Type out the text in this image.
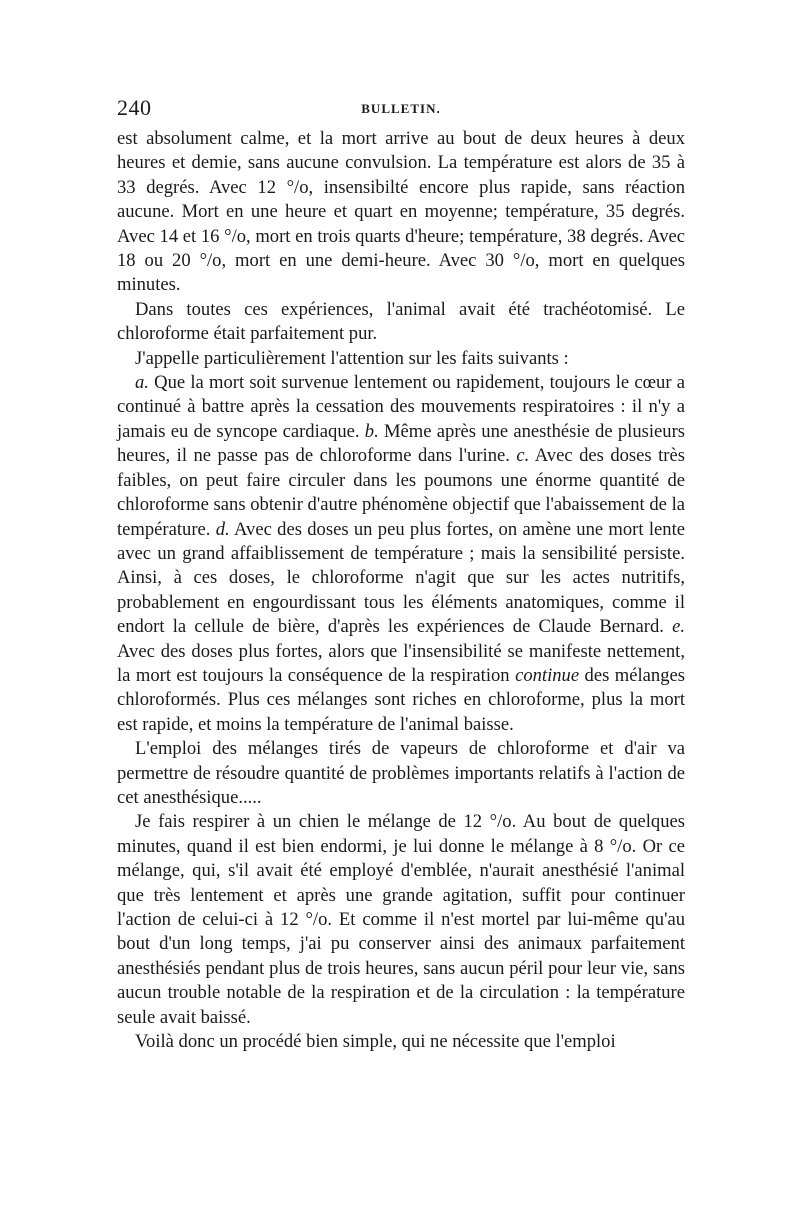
240	BULLETIN.

est absolument calme, et la mort arrive au bout de deux heures à deux heures et demie, sans aucune convulsion. La température est alors de 35 à 33 degrés. Avec 12 °/o, insensibilté encore plus rapide, sans réaction aucune. Mort en une heure et quart en moyenne; température, 35 degrés. Avec 14 et 16 °/o, mort en trois quarts d'heure; température, 38 degrés. Avec 18 ou 20 °/o, mort en une demi-heure. Avec 30 °/o, mort en quelques minutes.

Dans toutes ces expériences, l'animal avait été trachéotomisé. Le chloroforme était parfaitement pur.

J'appelle particulièrement l'attention sur les faits suivants :

a. Que la mort soit survenue lentement ou rapidement, toujours le cœur a continué à battre après la cessation des mouvements respiratoires : il n'y a jamais eu de syncope cardiaque. b. Même après une anesthésie de plusieurs heures, il ne passe pas de chloroforme dans l'urine. c. Avec des doses très faibles, on peut faire circuler dans les poumons une énorme quantité de chloroforme sans obtenir d'autre phénomène objectif que l'abaissement de la température. d. Avec des doses un peu plus fortes, on amène une mort lente avec un grand affaiblissement de température ; mais la sensibilité persiste. Ainsi, à ces doses, le chloroforme n'agit que sur les actes nutritifs, probablement en engourdissant tous les éléments anatomiques, comme il endort la cellule de bière, d'après les expériences de Claude Bernard. e. Avec des doses plus fortes, alors que l'insensibilité se manifeste nettement, la mort est toujours la conséquence de la respiration continue des mélanges chloroformés. Plus ces mélanges sont riches en chloroforme, plus la mort est rapide, et moins la température de l'animal baisse.

L'emploi des mélanges tirés de vapeurs de chloroforme et d'air va permettre de résoudre quantité de problèmes importants relatifs à l'action de cet anesthésique.....

Je fais respirer à un chien le mélange de 12 °/o. Au bout de quelques minutes, quand il est bien endormi, je lui donne le mélange à 8 °/o. Or ce mélange, qui, s'il avait été employé d'emblée, n'aurait anesthésié l'animal que très lentement et après une grande agitation, suffit pour continuer l'action de celui-ci à 12 °/o. Et comme il n'est mortel par lui-même qu'au bout d'un long temps, j'ai pu conserver ainsi des animaux parfaitement anesthésiés pendant plus de trois heures, sans aucun péril pour leur vie, sans aucun trouble notable de la respiration et de la circulation : la température seule avait baissé.

Voilà donc un procédé bien simple, qui ne nécessite que l'emploi
